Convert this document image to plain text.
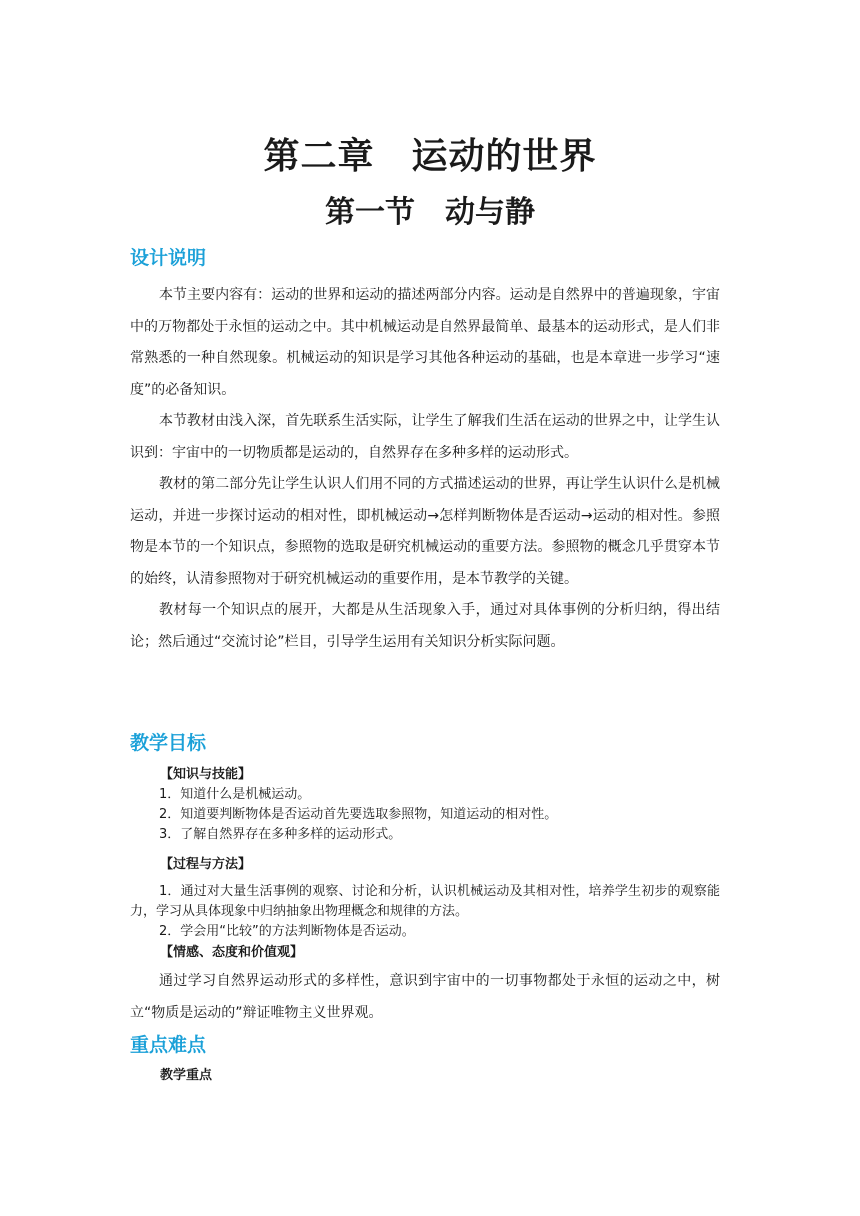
第二章　运动的世界
第一节　动与静
设计说明

本节主要内容有：运动的世界和运动的描述两部分内容。运动是自然界中的普遍现象，宇宙中的万物都处于永恒的运动之中。其中机械运动是自然界最简单、最基本的运动形式，是人们非常熟悉的一种自然现象。机械运动的知识是学习其他各种运动的基础，也是本章进一步学习“速度”的必备知识。

本节教材由浅入深，首先联系生活实际，让学生了解我们生活在运动的世界之中，让学生认识到：宇宙中的一切物质都是运动的，自然界存在多种多样的运动形式。

教材的第二部分先让学生认识人们用不同的方式描述运动的世界，再让学生认识什么是机械运动，并进一步探讨运动的相对性，即机械运动→怎样判断物体是否运动→运动的相对性。参照物是本节的一个知识点，参照物的选取是研究机械运动的重要方法。参照物的概念几乎贯穿本节的始终，认清参照物对于研究机械运动的重要作用，是本节教学的关键。

教材每一个知识点的展开，大都是从生活现象入手，通过对具体事例的分析归纳，得出结论；然后通过“交流讨论”栏目，引导学生运用有关知识分析实际问题。

教学目标
【知识与技能】

1．知道什么是机械运动。

2．知道要判断物体是否运动首先要选取参照物，知道运动的相对性。

3．了解自然界存在多种多样的运动形式。

【过程与方法】

1．通过对大量生活事例的观察、讨论和分析，认识机械运动及其相对性，培养学生初步的观察能力，学习从具体现象中归纳抽象出物理概念和规律的方法。

2．学会用“比较”的方法判断物体是否运动。

【情感、态度和价值观】

通过学习自然界运动形式的多样性，意识到宇宙中的一切事物都处于永恒的运动之中，树立“物质是运动的”辩证唯物主义世界观。

重点难点
教学重点
